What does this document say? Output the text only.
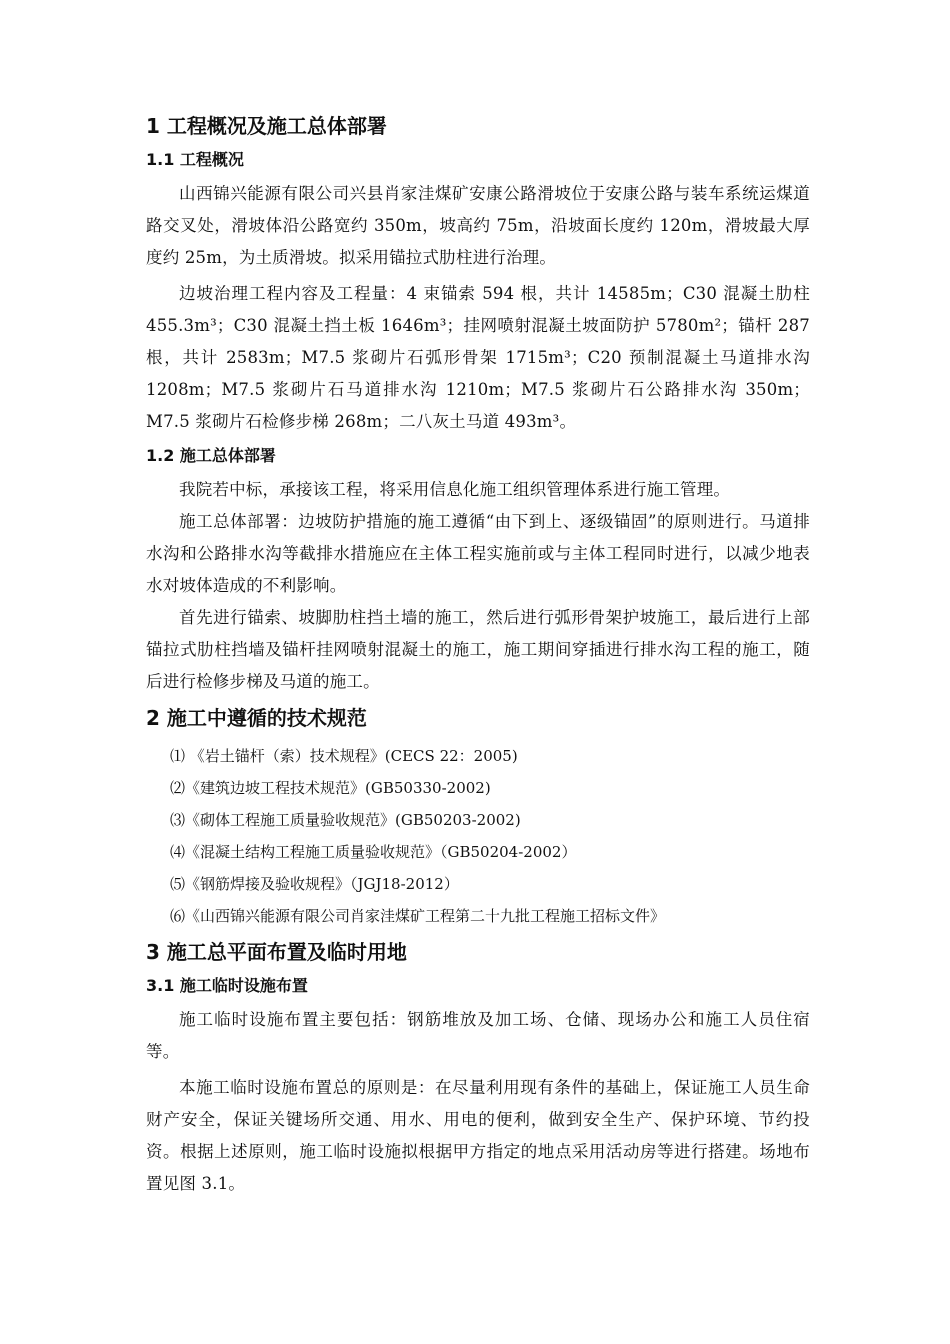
1 工程概况及施工总体部署
1.1 工程概况

山西锦兴能源有限公司兴县肖家洼煤矿安康公路滑坡位于安康公路与装车系统运煤道路交叉处，滑坡体沿公路宽约 350m，坡高约 75m，沿坡面长度约 120m，滑坡最大厚度约 25m，为土质滑坡。拟采用锚拉式肋柱进行治理。

边坡治理工程内容及工程量：4 束锚索 594 根，共计 14585m；C30 混凝土肋柱 455.3m³；C30 混凝土挡土板 1646m³；挂网喷射混凝土坡面防护 5780m²；锚杆 287 根，共计 2583m；M7.5 浆砌片石弧形骨架 1715m³；C20 预制混凝土马道排水沟 1208m；M7.5 浆砌片石马道排水沟 1210m；M7.5 浆砌片石公路排水沟 350m；M7.5 浆砌片石检修步梯 268m；二八灰土马道 493m³。

1.2 施工总体部署

我院若中标，承接该工程，将采用信息化施工组织管理体系进行施工管理。

施工总体部署：边坡防护措施的施工遵循“由下到上、逐级锚固”的原则进行。马道排水沟和公路排水沟等截排水措施应在主体工程实施前或与主体工程同时进行，以减少地表水对坡体造成的不利影响。

首先进行锚索、坡脚肋柱挡土墙的施工，然后进行弧形骨架护坡施工，最后进行上部锚拉式肋柱挡墙及锚杆挂网喷射混凝土的施工，施工期间穿插进行排水沟工程的施工，随后进行检修步梯及马道的施工。

2 施工中遵循的技术规范

⑴ 《岩土锚杆（索）技术规程》(CECS 22：2005)

⑵《建筑边坡工程技术规范》(GB50330-2002)

⑶《砌体工程施工质量验收规范》(GB50203-2002)

⑷《混凝土结构工程施工质量验收规范》（GB50204-2002）

⑸《钢筋焊接及验收规程》（JGJ18-2012）

⑹《山西锦兴能源有限公司肖家洼煤矿工程第二十九批工程施工招标文件》

3 施工总平面布置及临时用地
3.1 施工临时设施布置

施工临时设施布置主要包括：钢筋堆放及加工场、仓储、现场办公和施工人员住宿等。

本施工临时设施布置总的原则是：在尽量利用现有条件的基础上，保证施工人员生命财产安全，保证关键场所交通、用水、用电的便利，做到安全生产、保护环境、节约投资。根据上述原则，施工临时设施拟根据甲方指定的地点采用活动房等进行搭建。场地布置见图 3.1。
